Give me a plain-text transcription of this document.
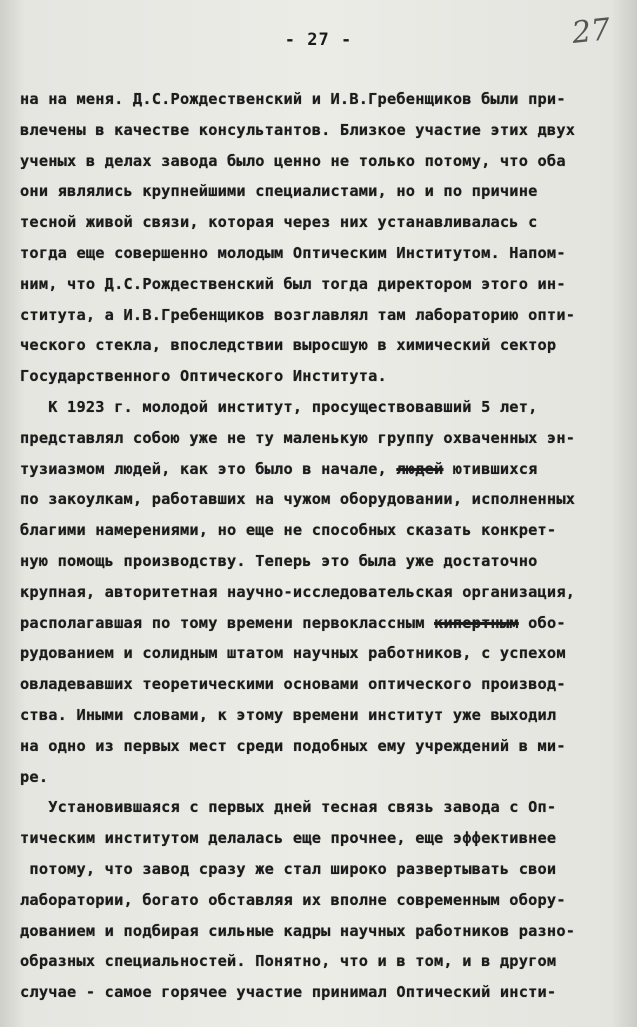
- 27 -	27
на на меня. Д.С.Рождественский и И.В.Гребенщиков были при-
влечены в качестве консультантов. Близкое участие этих двух
ученых в делах завода было ценно не только потому, что оба
они являлись крупнейшими специалистами, но и по причине
тесной живой связи, которая через них устанавливалась с
тогда еще совершенно молодым Оптическим Институтом. Напом-
ним, что Д.С.Рождественский был тогда директором этого ин-
ститута, а И.В.Гребенщиков возглавлял там лабораторию опти-
ческого стекла, впоследствии выросшую в химический сектор
Государственного Оптического Института.
К 1923 г. молодой институт, просуществовавший 5 лет,
представлял собою уже не ту маленькую группу охваченных эн-
тузиазмом людей, как это было в начале, людей ютившихся
по закоулкам, работавших на чужом оборудовании, исполненных
благими намерениями, но еще не способных сказать конкрет-
ную помощь производству. Теперь это была уже достаточно
крупная, авторитетная научно-исследовательская организация,
располагавшая по тому времени первоклассным кипертным обо-
рудованием и солидным штатом научных работников, с успехом
овладевавших теоретическими основами оптического производ-
ства. Иными словами, к этому времени институт уже выходил
на одно из первых мест среди подобных ему учреждений в ми-
ре.
Установившаяся с первых дней тесная связь завода с Оп-
тическим институтом делалась еще прочнее, еще эффективнее
потому, что завод сразу же стал широко развертывать свои
лаборатории, богато обставляя их вполне современным обору-
дованием и подбирая сильные кадры научных работников разно-
образных специальностей. Понятно, что и в том, и в другом
случае - самое горячее участие принимал Оптический инсти-
